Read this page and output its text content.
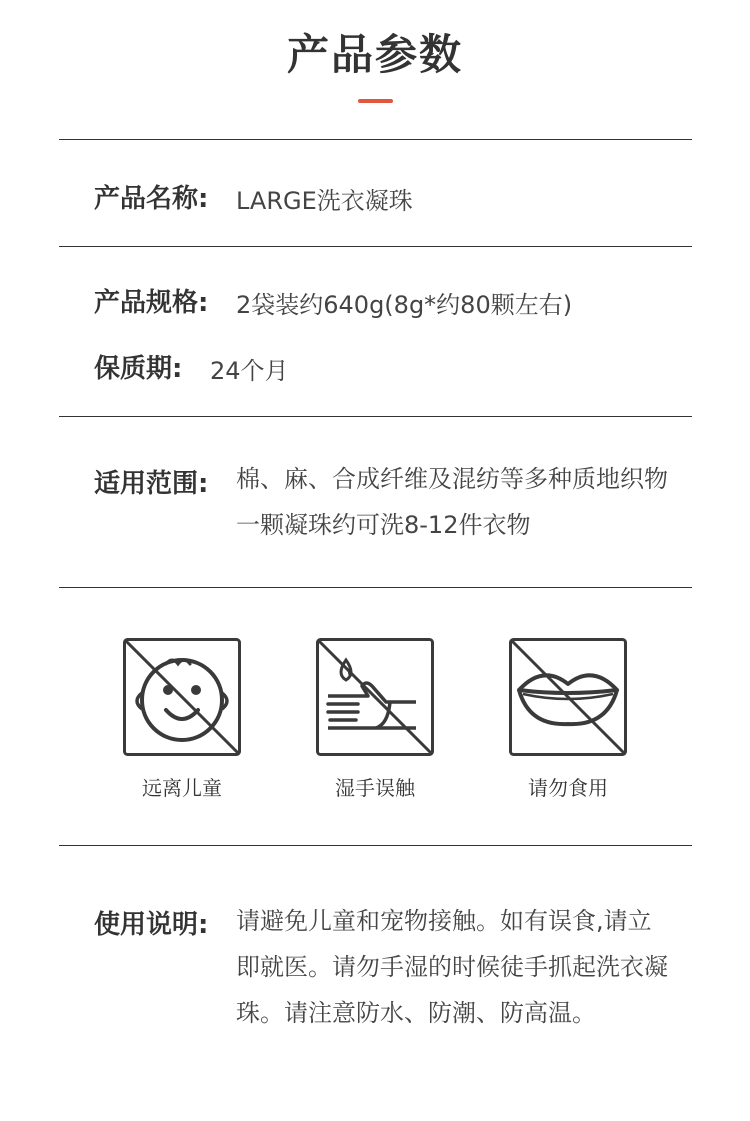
产品参数
产品名称: LARGE洗衣凝珠
产品规格: 2袋装约640g(8g*约80颗左右)
保质期: 24个月
适用范围: 棉、麻、合成纤维及混纺等多种质地织物
一颗凝珠约可洗8-12件衣物
远离儿童	湿手误触	请勿食用
使用说明: 请避免儿童和宠物接触。如有误食,请立
即就医。请勿手湿的时候徒手抓起洗衣凝
珠。请注意防水、防潮、防高温。
